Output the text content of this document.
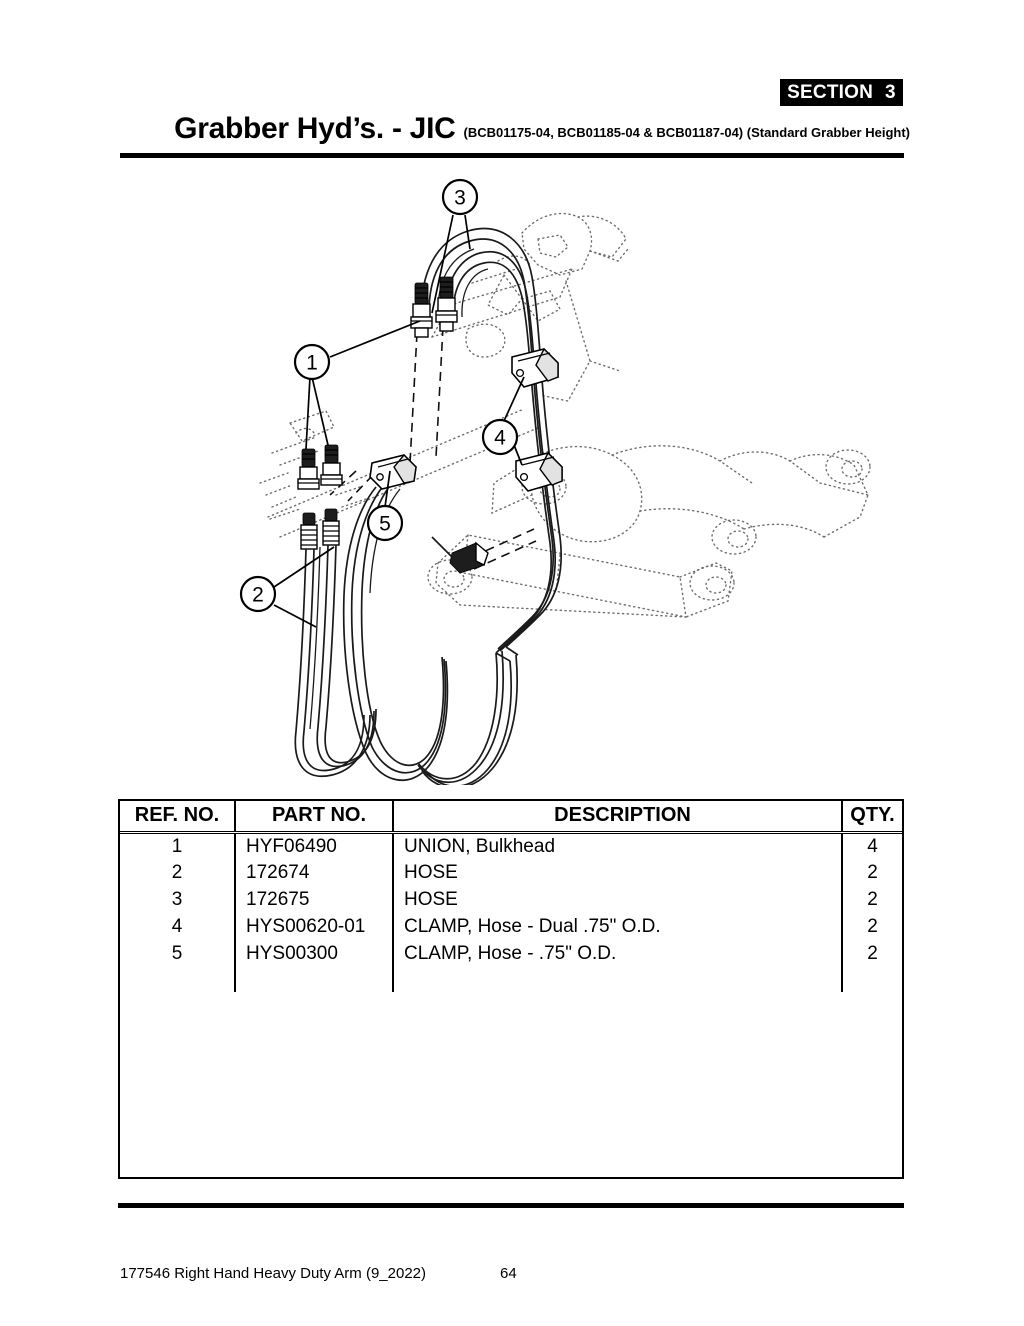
SECTION 3
Grabber Hyd’s. - JIC (BCB01175-04, BCB01185-04 & BCB01187-04) (Standard Grabber Height)
3
1
4
5
2
REF. NO.	PART NO.	DESCRIPTION	QTY.
1	HYF06490	UNION, Bulkhead	4
2	172674	HOSE	2
3	172675	HOSE	2
4	HYS00620-01	CLAMP, Hose - Dual .75" O.D.	2
5	HYS00300	CLAMP, Hose - .75" O.D.	2

177546 Right Hand Heavy Duty Arm (9_2022)	64
